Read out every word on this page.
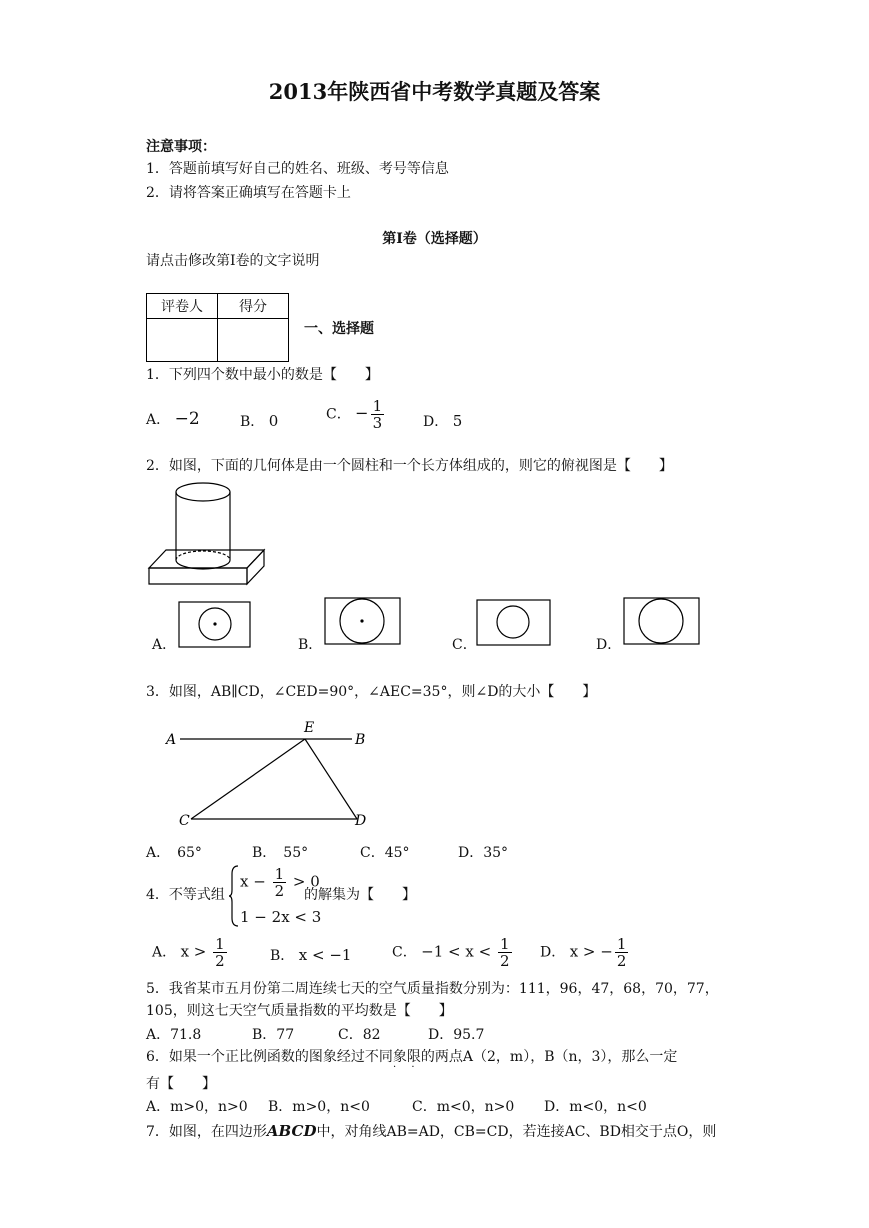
2013年陕西省中考数学真题及答案
注意事项：
1．答题前填写好自己的姓名、班级、考号等信息
2．请将答案正确填写在答题卡上
第I卷（选择题）
请点击修改第I卷的文字说明
评卷人	得分

一、选择题
1．下列四个数中最小的数是【　　】
A． −2	B． 0	C． − $\frac{1}{3}$	D． 5
2．如图，下面的几何体是由一个圆柱和一个长方体组成的，则它的俯视图是【　　】
A．	B．	C．	D．
3．如图，AB∥CD，∠CED=90°，∠AEC=35°，则∠D的大小【　　】
A
E
B
C	D
A．　65°	B．　55°	C．45°	D．35°
4．不等式组
$x - \frac{1}{2} > 0$
1 − 2x < 3
的解集为【　　】
A． $x > \frac{1}{2}$	B． x < −1	C． $-1 < x < \frac{1}{2}$ D． x > − $\frac{1}{2}$
5．我省某市五月份第二周连续七天的空气质量指数分别为：111，96，47，68，70，77，
105，则这七天空气质量指数的平均数是【　　】
A．71.8	B．77	C．82	D．95.7
6．如果一个正比例函数的图象经过不同象限的两点A（2，m），B（n，3），那么一定
· ·
有【　　】
A．m>0，n>0 B．m>0，n<0	C．m<0，n>0 D．m<0，n<0
7．如图，在四边形ABCD中，对角线AB=AD，CB=CD，若连接AC、BD相交于点O，则
